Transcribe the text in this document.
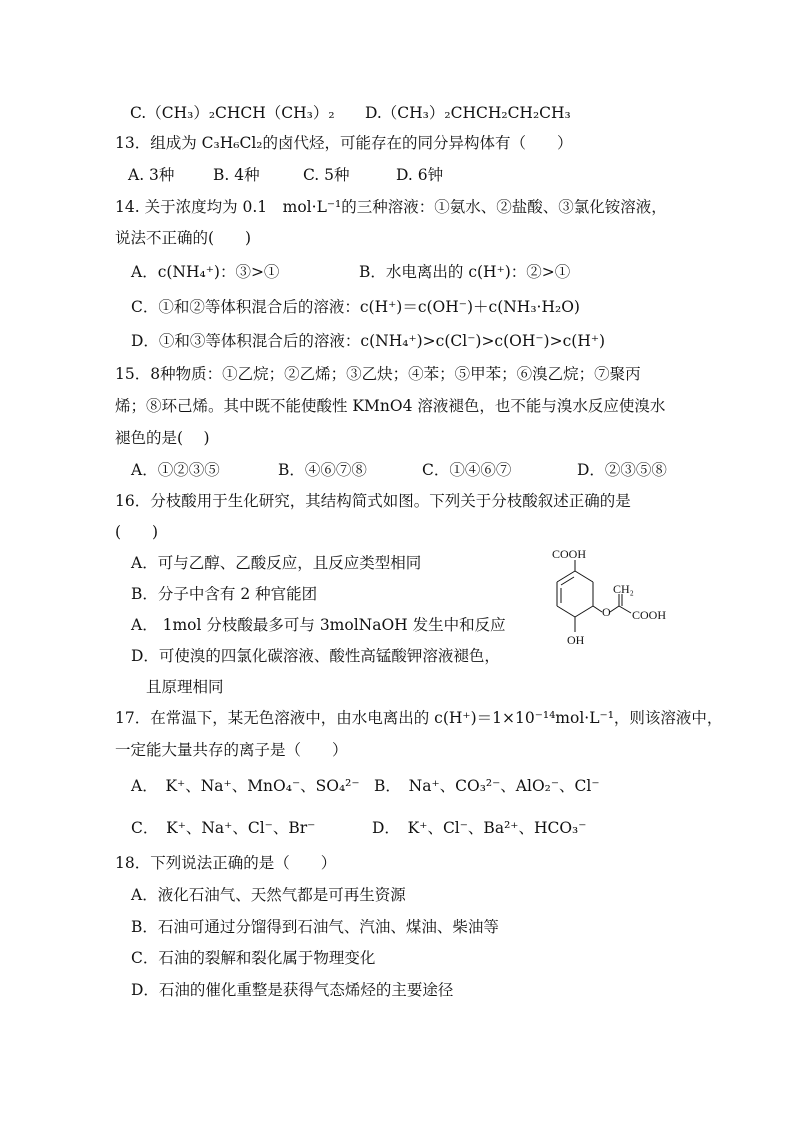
C.（CH₃）₂CHCH（CH₃）₂ D.（CH₃）₂CHCH₂CH₂CH₃
13．组成为 C₃H₆Cl₂的卤代烃，可能存在的同分异构体有（　　）
A. 3种 B. 4种	C. 5种	D. 6钟
14. 关于浓度均为 0.1　mol·L⁻¹的三种溶液：①氨水、②盐酸、③氯化铵溶液，
说法不正确的(　　)
A．c(NH₄⁺)：③>①	B．水电离出的 c(H⁺)：②>①
C．①和②等体积混合后的溶液：c(H⁺)＝c(OH⁻)＋c(NH₃·H₂O)
D．①和③等体积混合后的溶液：c(NH₄⁺)>c(Cl⁻)>c(OH⁻)>c(H⁺)
15．8种物质：①乙烷；②乙烯；③乙炔；④苯；⑤甲苯；⑥溴乙烷；⑦聚丙
烯；⑧环己烯。其中既不能使酸性 KMnO4 溶液褪色，也不能与溴水反应使溴水
褪色的是(　 )
A．①②③⑤	B．④⑥⑦⑧	C．①④⑥⑦	D．②③⑤⑧
16．分枝酸用于生化研究，其结构简式如图。下列关于分枝酸叙述正确的是
(　　)
A．可与乙醇、乙酸反应，且反应类型相同
B．分子中含有 2 种官能团
A． 1mol 分枝酸最多可与 3molNaOH 发生中和反应
D．可使溴的四氯化碳溶液、酸性高锰酸钾溶液褪色，
且原理相同
COOH
CH₂
O COOH
OH
17．在常温下，某无色溶液中，由水电离出的 c(H⁺)＝1×10⁻¹⁴mol·L⁻¹，则该溶液中，
一定能大量共存的离子是（　　）
A．　K⁺、Na⁺、MnO₄⁻、SO₄²⁻ B．　Na⁺、CO₃²⁻、AlO₂⁻、Cl⁻
C．　K⁺、Na⁺、Cl⁻、Br⁻	D．　K⁺、Cl⁻、Ba²⁺、HCO₃⁻
18．下列说法正确的是（　　）
A．液化石油气、天然气都是可再生资源
B．石油可通过分馏得到石油气、汽油、煤油、柴油等
C．石油的裂解和裂化属于物理变化
D．石油的催化重整是获得气态烯烃的主要途径
